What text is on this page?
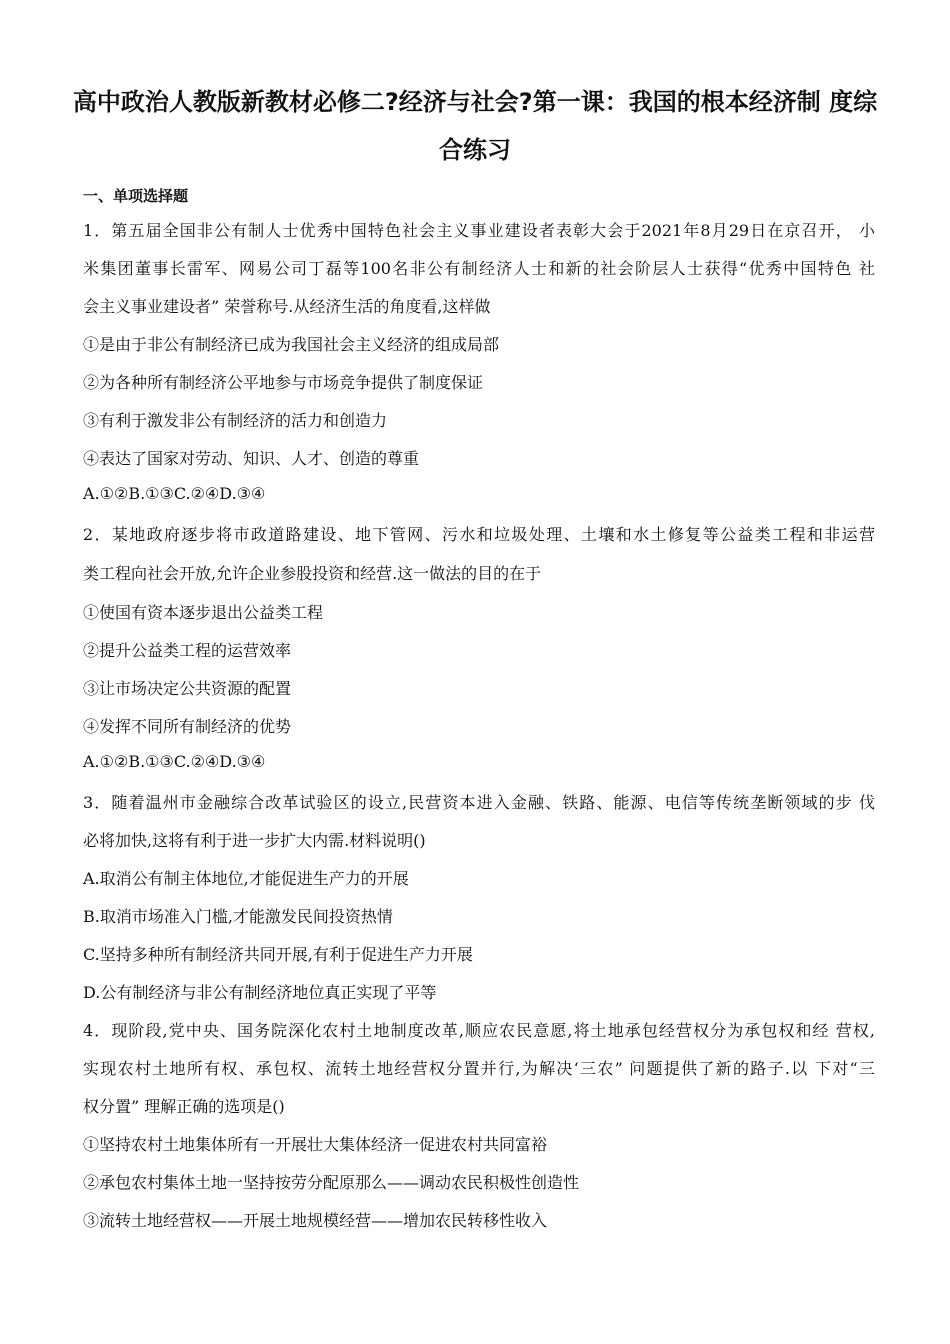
高中政治人教版新教材必修二?经济与社会?第一课：我国的根本经济制 度综
合练习
一、单项选择题
1．第五届全国非公有制人士优秀中国特色社会主义事业建设者表彰大会于2021年8月29日在京召开， 小
米集团董事长雷军、网易公司丁磊等100名非公有制经济人士和新的社会阶层人士获得“优秀中国特色 社
会主义事业建设者” 荣誉称号.从经济生活的角度看,这样做
①是由于非公有制经济已成为我国社会主义经济的组成局部
②为各种所有制经济公平地参与市场竞争提供了制度保证
③有利于激发非公有制经济的活力和创造力
④表达了国家对劳动、知识、人才、创造的尊重
A.①②B.①③C.②④D.③④
2．某地政府逐步将市政道路建设、地下管网、污水和垃圾处理、土壤和水土修复等公益类工程和非运营
类工程向社会开放,允许企业参股投资和经营.这一做法的目的在于
①使国有资本逐步退出公益类工程
②提升公益类工程的运营效率
③让市场决定公共资源的配置
④发挥不同所有制经济的优势
A.①②B.①③C.②④D.③④
3．随着温州市金融综合改革试验区的设立,民营资本进入金融、铁路、能源、电信等传统垄断领域的步 伐
必将加快,这将有利于进一步扩大内需.材料说明()
A.取消公有制主体地位,才能促进生产力的开展
B.取消市场准入门槛,才能激发民间投资热情
C.坚持多种所有制经济共同开展,有利于促进生产力开展
D.公有制经济与非公有制经济地位真正实现了平等
4．现阶段,党中央、国务院深化农村土地制度改革,顺应农民意愿,将土地承包经营权分为承包权和经 营权,
实现农村土地所有权、承包权、流转土地经营权分置并行,为解决‘三农” 问题提供了新的路子.以 下对“三
权分置” 理解正确的选项是()
①坚持农村土地集体所有一开展壮大集体经济一促进农村共同富裕
②承包农村集体土地一坚持按劳分配原那么——调动农民积极性创造性
③流转土地经营权——开展土地规模经营——增加农民转移性收入
